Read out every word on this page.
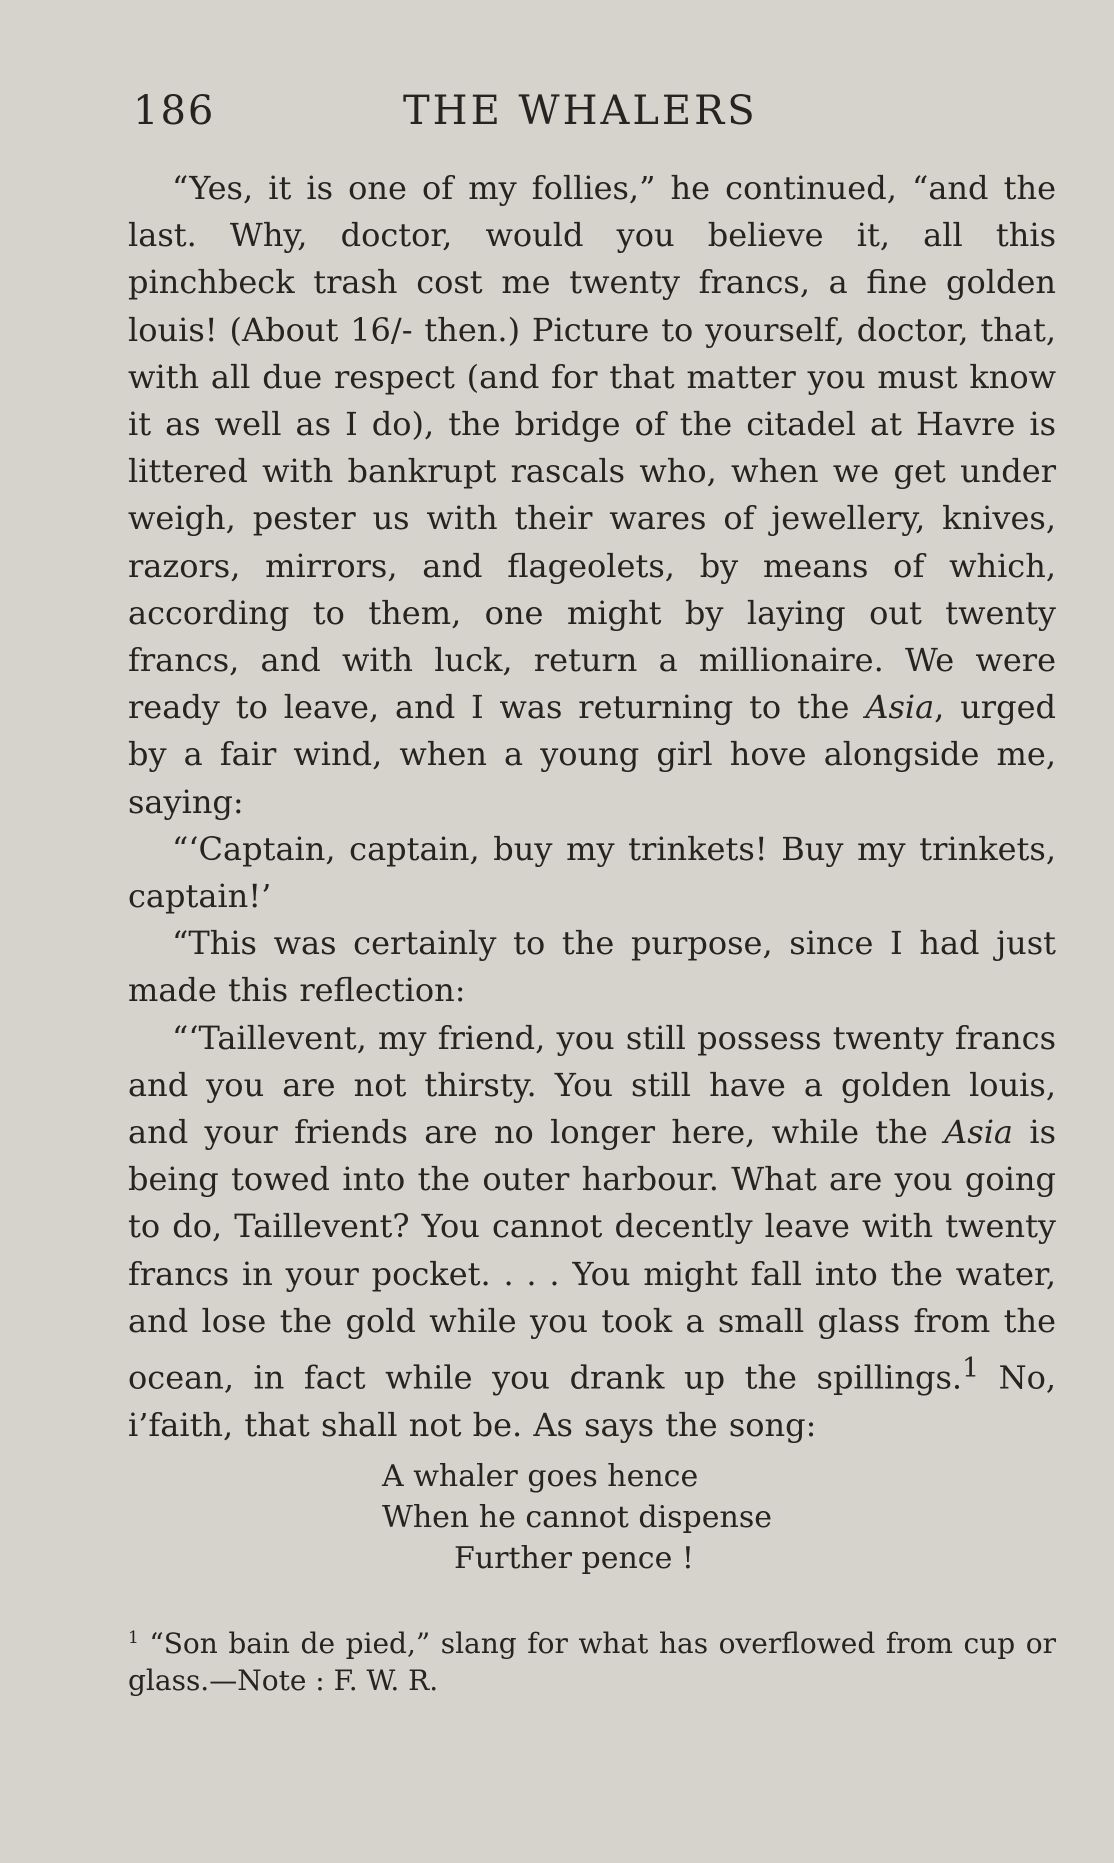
186	THE WHALERS

“Yes, it is one of my follies,” he continued, “and the last. Why, doctor, would you believe it, all this pinchbeck trash cost me twenty francs, a fine golden louis! (About 16/- then.) Picture to yourself, doctor, that, with all due respect (and for that matter you must know it as well as I do), the bridge of the citadel at Havre is littered with bankrupt rascals who, when we get under weigh, pester us with their wares of jewellery, knives, razors, mirrors, and flageolets, by means of which, according to them, one might by laying out twenty francs, and with luck, return a millionaire. We were ready to leave, and I was returning to the Asia, urged by a fair wind, when a young girl hove alongside me, saying:

“‘Captain, captain, buy my trinkets! Buy my trinkets, captain!’

“This was certainly to the purpose, since I had just made this reflection:

“‘Taillevent, my friend, you still possess twenty francs and you are not thirsty. You still have a golden louis, and your friends are no longer here, while the Asia is being towed into the outer harbour. What are you going to do, Taillevent? You cannot decently leave with twenty francs in your pocket. . . . You might fall into the water, and lose the gold while you took a small glass from the ocean, in fact while you drank up the spillings.$^1$ No, i’faith, that shall not be. As says the song:

A whaler goes hence
When he cannot dispense
Further pence !
$^1$ “Son bain de pied,” slang for what has overflowed from cup or glass.—Note : F. W. R.
